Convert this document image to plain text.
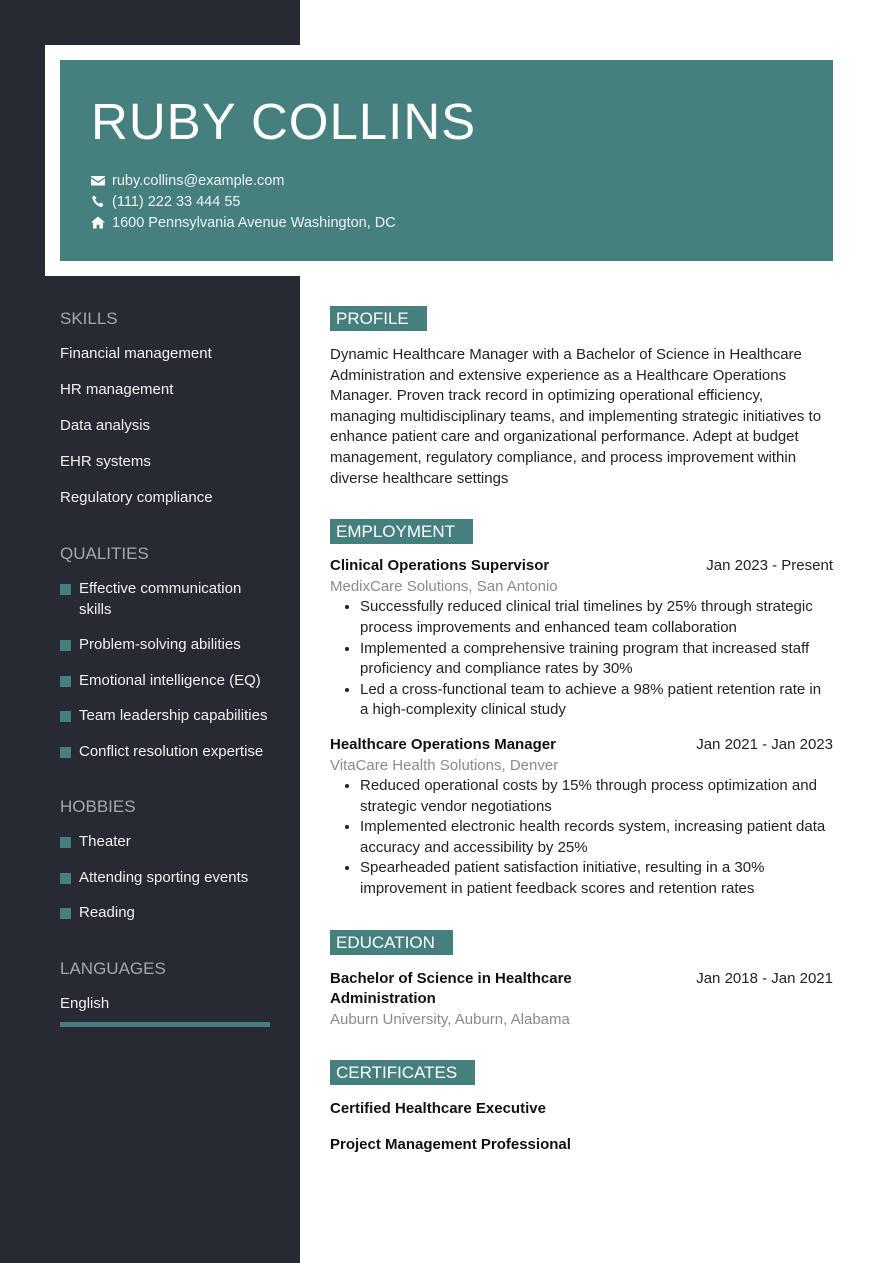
RUBY COLLINS
ruby.collins@example.com
(111) 222 33 444 55
1600 Pennsylvania Avenue Washington, DC
SKILLS
Financial management
HR management
Data analysis
EHR systems
Regulatory compliance
QUALITIES
Effective communication skills
Problem-solving abilities
Emotional intelligence (EQ)
Team leadership capabilities
Conflict resolution expertise
HOBBIES
Theater
Attending sporting events
Reading
LANGUAGES
English
PROFILE
Dynamic Healthcare Manager with a Bachelor of Science in Healthcare Administration and extensive experience as a Healthcare Operations Manager. Proven track record in optimizing operational efficiency, managing multidisciplinary teams, and implementing strategic initiatives to enhance patient care and organizational performance. Adept at budget management, regulatory compliance, and process improvement within diverse healthcare settings
EMPLOYMENT
Clinical Operations Supervisor	Jan 2023 - Present
MedixCare Solutions, San Antonio
• Successfully reduced clinical trial timelines by 25% through strategic process improvements and enhanced team collaboration
• Implemented a comprehensive training program that increased staff proficiency and compliance rates by 30%
• Led a cross-functional team to achieve a 98% patient retention rate in a high-complexity clinical study
Healthcare Operations Manager	Jan 2021 - Jan 2023
VitaCare Health Solutions, Denver
• Reduced operational costs by 15% through process optimization and strategic vendor negotiations
• Implemented electronic health records system, increasing patient data accuracy and accessibility by 25%
• Spearheaded patient satisfaction initiative, resulting in a 30% improvement in patient feedback scores and retention rates
EDUCATION
Bachelor of Science in Healthcare Administration
Jan 2018 - Jan 2021
Auburn University, Auburn, Alabama
CERTIFICATES
Certified Healthcare Executive
Project Management Professional
